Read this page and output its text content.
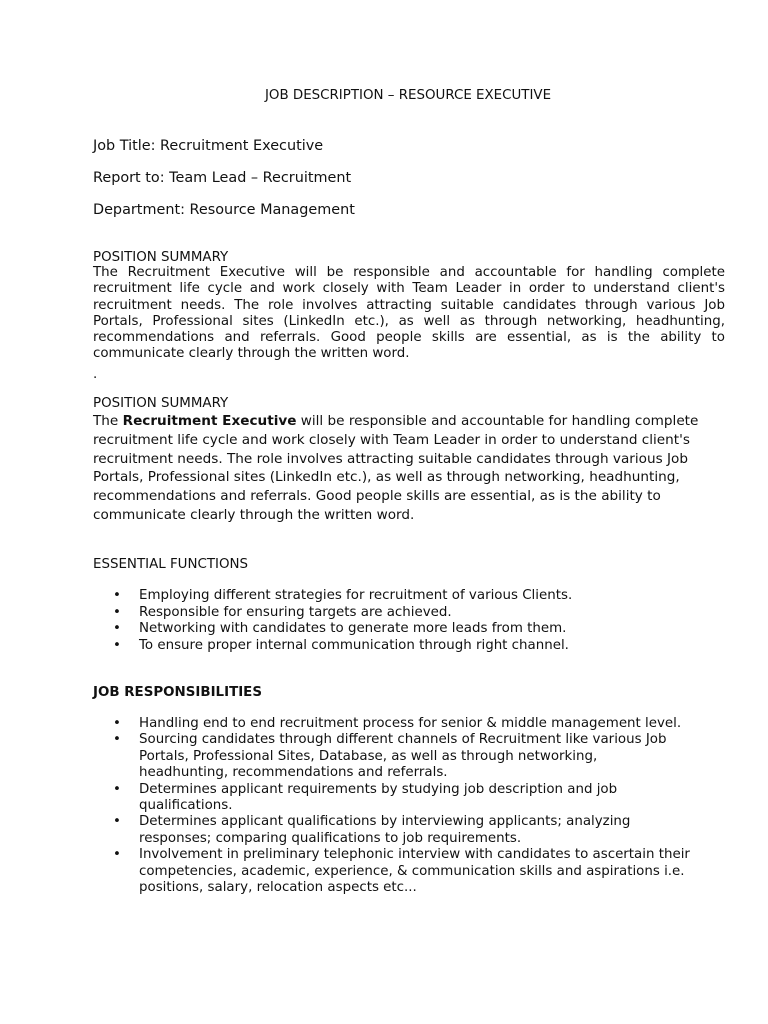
JOB DESCRIPTION – RESOURCE EXECUTIVE

Job Title: Recruitment Executive

Report to: Team Lead – Recruitment

Department: Resource Management

POSITION SUMMARY
The Recruitment Executive will be responsible and accountable for handling complete
recruitment life cycle and work closely with Team Leader in order to understand client's
recruitment needs. The role involves attracting suitable candidates through various Job
Portals, Professional sites (LinkedIn etc.), as well as through networking, headhunting,
recommendations and referrals. Good people skills are essential, as is the ability to
communicate clearly through the written word.

.

POSITION SUMMARY
The Recruitment Executive will be responsible and accountable for handling complete
recruitment life cycle and work closely with Team Leader in order to understand client's
recruitment needs. The role involves attracting suitable candidates through various Job
Portals, Professional sites (LinkedIn etc.), as well as through networking, headhunting,
recommendations and referrals. Good people skills are essential, as is the ability to
communicate clearly through the written word.
ESSENTIAL FUNCTIONS
• Employing different strategies for recruitment of various Clients.
• Responsible for ensuring targets are achieved.
• Networking with candidates to generate more leads from them.
• To ensure proper internal communication through right channel.
JOB RESPONSIBILITIES
• Handling end to end recruitment process for senior & middle management level.
• Sourcing candidates through different channels of Recruitment like various Job
Portals, Professional Sites, Database, as well as through networking,
headhunting, recommendations and referrals.
• Determines applicant requirements by studying job description and job
qualifications.
• Determines applicant qualifications by interviewing applicants; analyzing
responses; comparing qualifications to job requirements.
• Involvement in preliminary telephonic interview with candidates to ascertain their
competencies, academic, experience, & communication skills and aspirations i.e.
positions, salary, relocation aspects etc...
